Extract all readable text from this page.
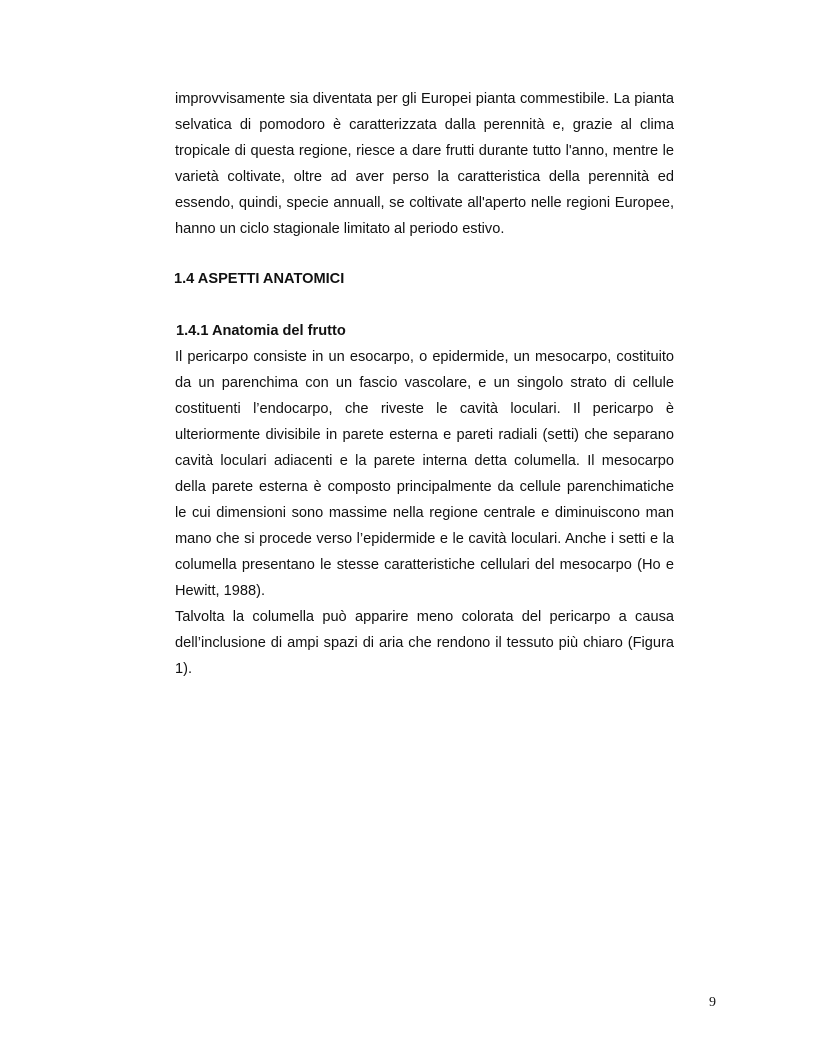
improvvisamente sia diventata per gli Europei pianta commestibile. La pianta selvatica di pomodoro è caratterizzata dalla perennità e, grazie al clima tropicale di questa regione, riesce a dare frutti durante tutto l'anno, mentre le varietà coltivate, oltre ad aver perso la caratteristica della perennità ed essendo, quindi, specie annuall, se coltivate all'aperto nelle regioni Europee, hanno un ciclo stagionale limitato al periodo estivo.

1.4 ASPETTI ANATOMICI
1.4.1 Anatomia del frutto

Il pericarpo consiste in un esocarpo, o epidermide, un mesocarpo, costituito da un parenchima con un fascio vascolare, e un singolo strato di cellule costituenti l’endocarpo, che riveste le cavità loculari. Il pericarpo è ulteriormente divisibile in parete esterna e pareti radiali (setti) che separano cavità loculari adiacenti e la parete interna detta columella. Il mesocarpo della parete esterna è composto principalmente da cellule parenchimatiche le cui dimensioni sono massime nella regione centrale e diminuiscono man mano che si procede verso l’epidermide e le cavità loculari. Anche i setti e la columella presentano le stesse caratteristiche cellulari del mesocarpo (Ho e Hewitt, 1988).

Talvolta la columella può apparire meno colorata del pericarpo a causa dell’inclusione di ampi spazi di aria che rendono il tessuto più chiaro (Figura 1).

9
